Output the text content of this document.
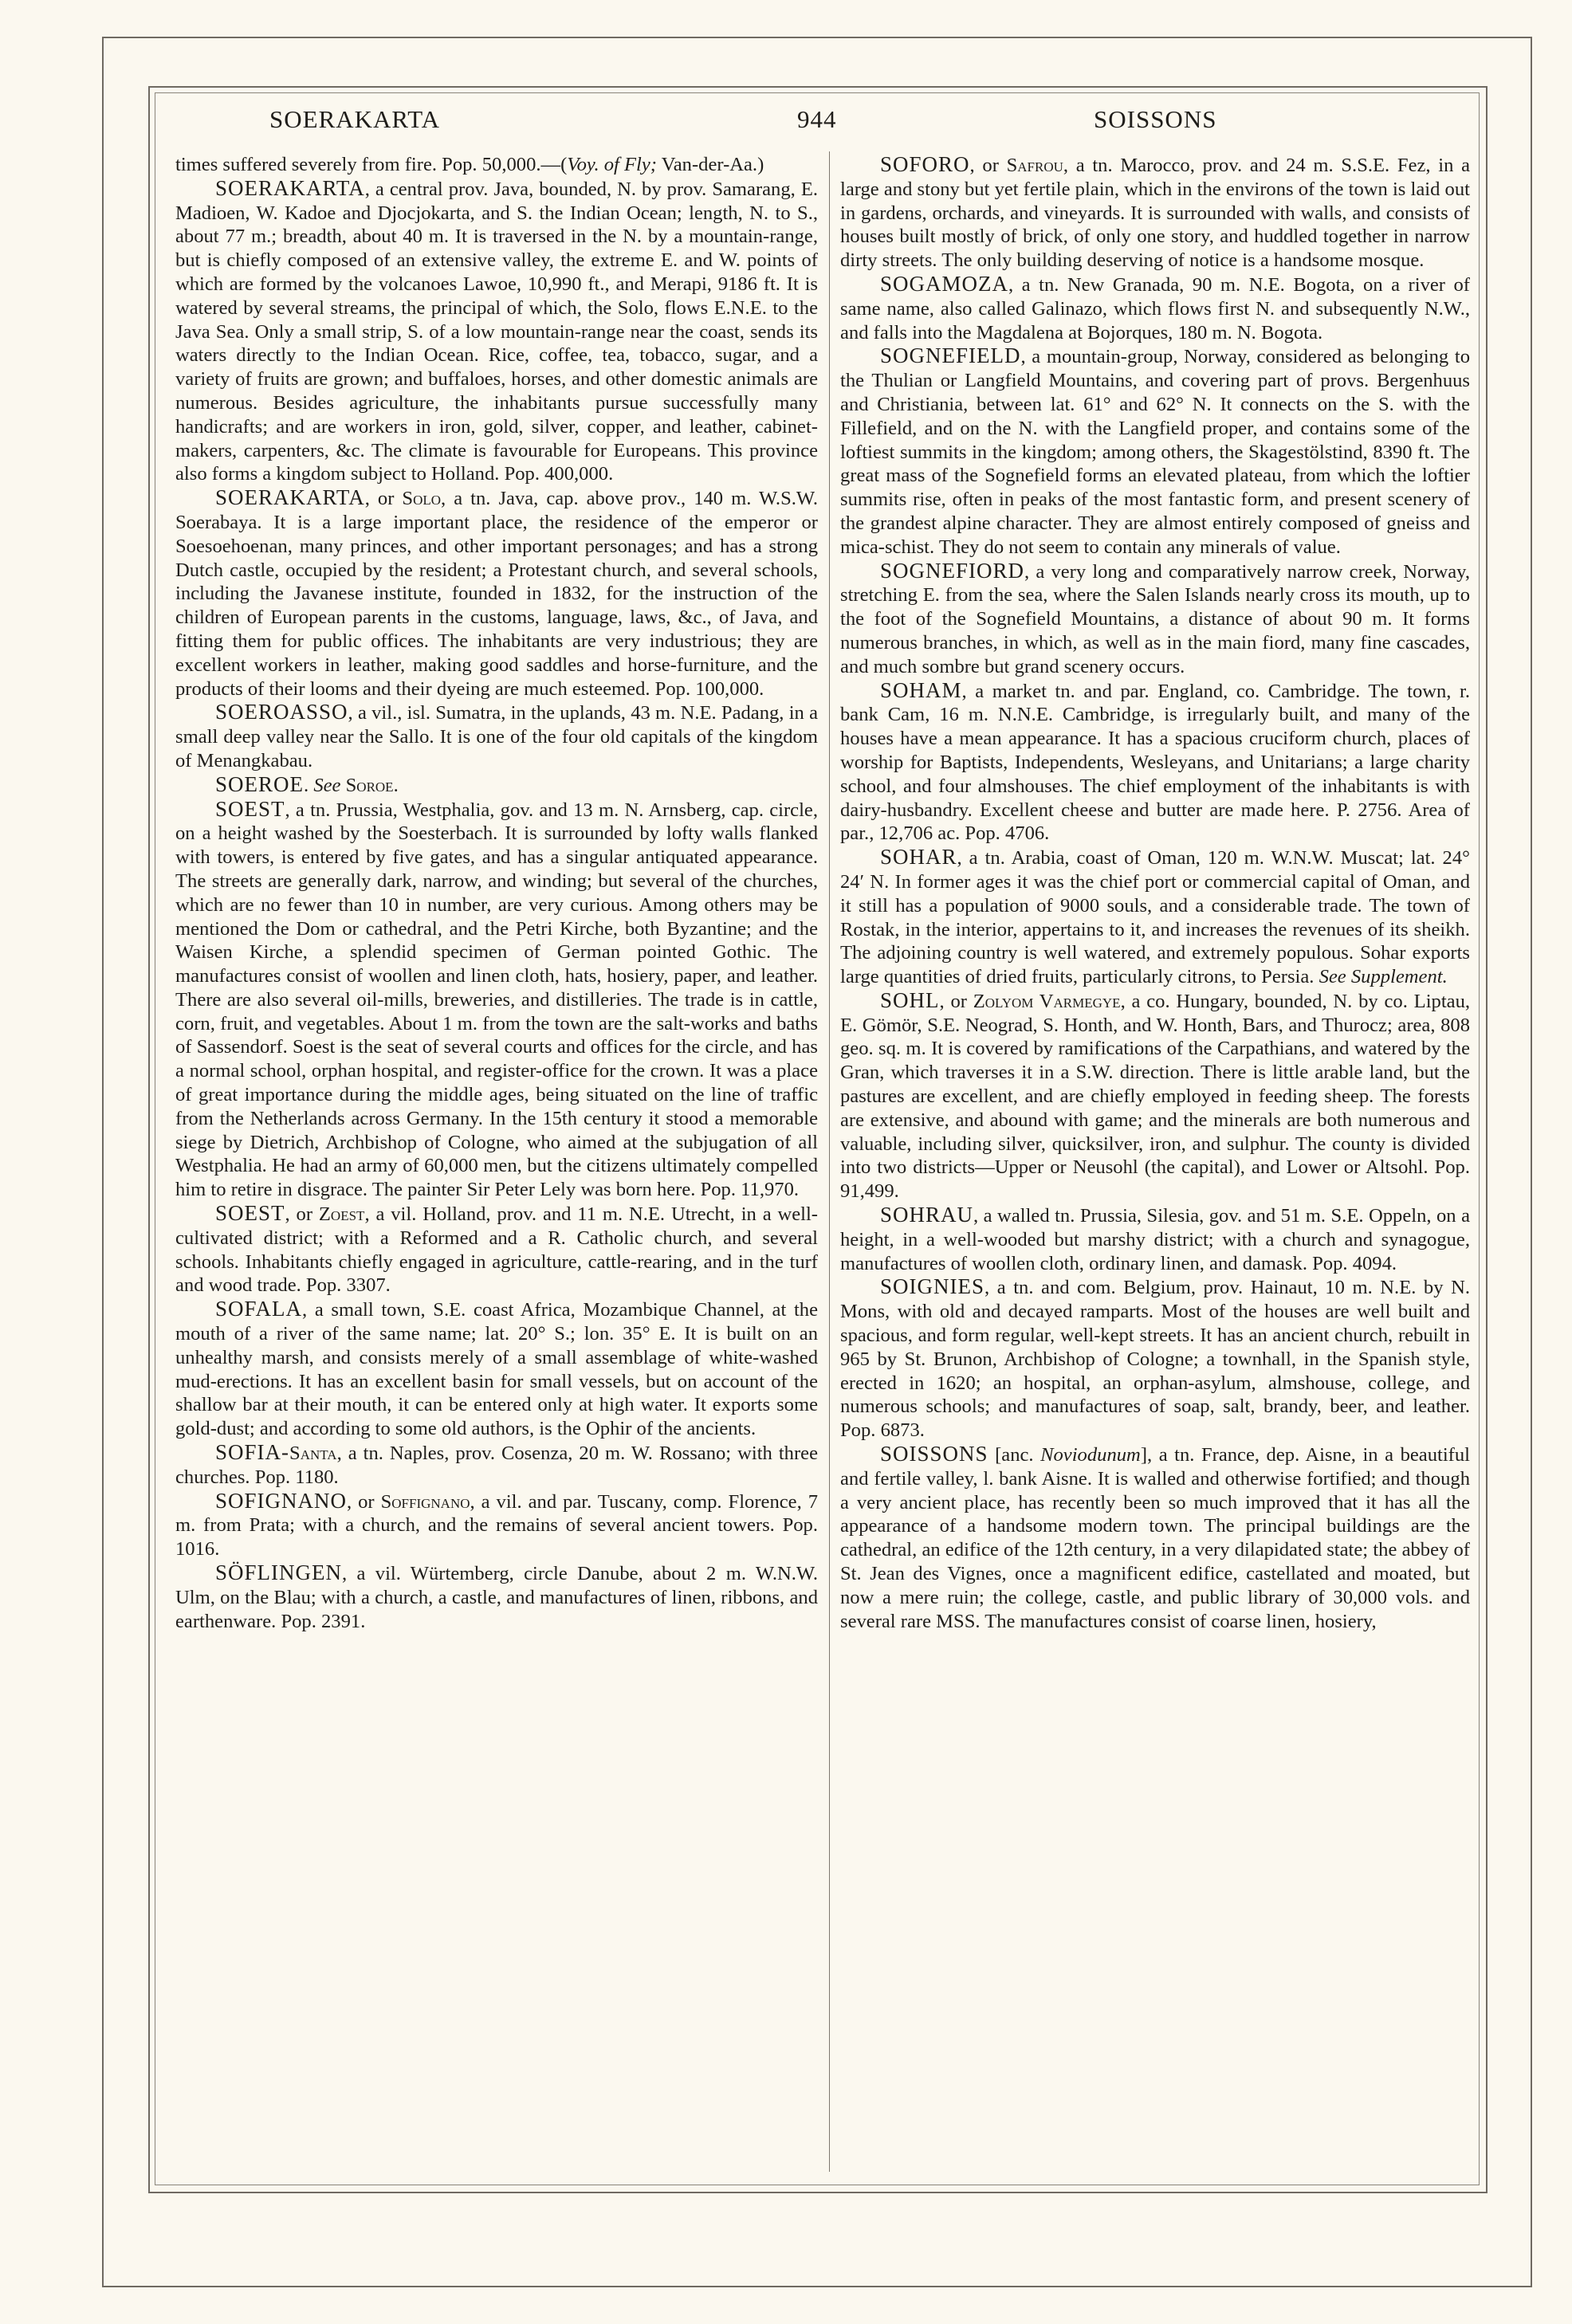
SOERAKARTA	944	SOISSONS

times suffered severely from fire. Pop. 50,000.—(Voy. of Fly; Van-der-Aa.)

SOERAKARTA, a central prov. Java, bounded, N. by prov. Samarang, E. Madioen, W. Kadoe and Djocjokarta, and S. the Indian Ocean; length, N. to S., about 77 m.; breadth, about 40 m. It is traversed in the N. by a mountain-range, but is chiefly composed of an extensive valley, the extreme E. and W. points of which are formed by the volcanoes Lawoe, 10,990 ft., and Merapi, 9186 ft. It is watered by several streams, the principal of which, the Solo, flows E.N.E. to the Java Sea. Only a small strip, S. of a low mountain-range near the coast, sends its waters directly to the Indian Ocean. Rice, coffee, tea, tobacco, sugar, and a variety of fruits are grown; and buffaloes, horses, and other domestic animals are numerous. Besides agriculture, the inhabitants pursue successfully many handicrafts; and are workers in iron, gold, silver, copper, and leather, cabinet-makers, carpenters, &c. The climate is favourable for Europeans. This province also forms a kingdom subject to Holland. Pop. 400,000.

SOERAKARTA, or Solo, a tn. Java, cap. above prov., 140 m. W.S.W. Soerabaya. It is a large important place, the residence of the emperor or Soesoehoenan, many princes, and other important personages; and has a strong Dutch castle, occupied by the resident; a Protestant church, and several schools, including the Javanese institute, founded in 1832, for the instruction of the children of European parents in the customs, language, laws, &c., of Java, and fitting them for public offices. The inhabitants are very industrious; they are excellent workers in leather, making good saddles and horse-furniture, and the products of their looms and their dyeing are much esteemed. Pop. 100,000.

SOEROASSO, a vil., isl. Sumatra, in the uplands, 43 m. N.E. Padang, in a small deep valley near the Sallo. It is one of the four old capitals of the kingdom of Menangkabau.

SOEROE. See Soroe.

SOEST, a tn. Prussia, Westphalia, gov. and 13 m. N. Arnsberg, cap. circle, on a height washed by the Soesterbach. It is surrounded by lofty walls flanked with towers, is entered by five gates, and has a singular antiquated appearance. The streets are generally dark, narrow, and winding; but several of the churches, which are no fewer than 10 in number, are very curious. Among others may be mentioned the Dom or cathedral, and the Petri Kirche, both Byzantine; and the Waisen Kirche, a splendid specimen of German pointed Gothic. The manufactures consist of woollen and linen cloth, hats, hosiery, paper, and leather. There are also several oil-mills, breweries, and distilleries. The trade is in cattle, corn, fruit, and vegetables. About 1 m. from the town are the salt-works and baths of Sassendorf. Soest is the seat of several courts and offices for the circle, and has a normal school, orphan hospital, and register-office for the crown. It was a place of great importance during the middle ages, being situated on the line of traffic from the Netherlands across Germany. In the 15th century it stood a memorable siege by Dietrich, Archbishop of Cologne, who aimed at the subjugation of all Westphalia. He had an army of 60,000 men, but the citizens ultimately compelled him to retire in disgrace. The painter Sir Peter Lely was born here. Pop. 11,970.

SOEST, or Zoest, a vil. Holland, prov. and 11 m. N.E. Utrecht, in a well-cultivated district; with a Reformed and a R. Catholic church, and several schools. Inhabitants chiefly engaged in agriculture, cattle-rearing, and in the turf and wood trade. Pop. 3307.

SOFALA, a small town, S.E. coast Africa, Mozambique Channel, at the mouth of a river of the same name; lat. 20° S.; lon. 35° E. It is built on an unhealthy marsh, and consists merely of a small assemblage of white-washed mud-erections. It has an excellent basin for small vessels, but on account of the shallow bar at their mouth, it can be entered only at high water. It exports some gold-dust; and according to some old authors, is the Ophir of the ancients.

SOFIA-Santa, a tn. Naples, prov. Cosenza, 20 m. W. Rossano; with three churches. Pop. 1180.

SOFIGNANO, or Soffignano, a vil. and par. Tuscany, comp. Florence, 7 m. from Prata; with a church, and the remains of several ancient towers. Pop. 1016.

SÖFLINGEN, a vil. Würtemberg, circle Danube, about 2 m. W.N.W. Ulm, on the Blau; with a church, a castle, and manufactures of linen, ribbons, and earthenware. Pop. 2391.

SOFORO, or Safrou, a tn. Marocco, prov. and 24 m. S.S.E. Fez, in a large and stony but yet fertile plain, which in the environs of the town is laid out in gardens, orchards, and vineyards. It is surrounded with walls, and consists of houses built mostly of brick, of only one story, and huddled together in narrow dirty streets. The only building deserving of notice is a handsome mosque.

SOGAMOZA, a tn. New Granada, 90 m. N.E. Bogota, on a river of same name, also called Galinazo, which flows first N. and subsequently N.W., and falls into the Magdalena at Bojorques, 180 m. N. Bogota.

SOGNEFIELD, a mountain-group, Norway, considered as belonging to the Thulian or Langfield Mountains, and covering part of provs. Bergenhuus and Christiania, between lat. 61° and 62° N. It connects on the S. with the Fillefield, and on the N. with the Langfield proper, and contains some of the loftiest summits in the kingdom; among others, the Skagestölstind, 8390 ft. The great mass of the Sognefield forms an elevated plateau, from which the loftier summits rise, often in peaks of the most fantastic form, and present scenery of the grandest alpine character. They are almost entirely composed of gneiss and mica-schist. They do not seem to contain any minerals of value.

SOGNEFIORD, a very long and comparatively narrow creek, Norway, stretching E. from the sea, where the Salen Islands nearly cross its mouth, up to the foot of the Sognefield Mountains, a distance of about 90 m. It forms numerous branches, in which, as well as in the main fiord, many fine cascades, and much sombre but grand scenery occurs.

SOHAM, a market tn. and par. England, co. Cambridge. The town, r. bank Cam, 16 m. N.N.E. Cambridge, is irregularly built, and many of the houses have a mean appearance. It has a spacious cruciform church, places of worship for Baptists, Independents, Wesleyans, and Unitarians; a large charity school, and four almshouses. The chief employment of the inhabitants is with dairy-husbandry. Excellent cheese and butter are made here. P. 2756. Area of par., 12,706 ac. Pop. 4706.

SOHAR, a tn. Arabia, coast of Oman, 120 m. W.N.W. Muscat; lat. 24° 24′ N. In former ages it was the chief port or commercial capital of Oman, and it still has a population of 9000 souls, and a considerable trade. The town of Rostak, in the interior, appertains to it, and increases the revenues of its sheikh. The adjoining country is well watered, and extremely populous. Sohar exports large quantities of dried fruits, particularly citrons, to Persia. See Supplement.

SOHL, or Zolyom Varmegye, a co. Hungary, bounded, N. by co. Liptau, E. Gömör, S.E. Neograd, S. Honth, and W. Honth, Bars, and Thurocz; area, 808 geo. sq. m. It is covered by ramifications of the Carpathians, and watered by the Gran, which traverses it in a S.W. direction. There is little arable land, but the pastures are excellent, and are chiefly employed in feeding sheep. The forests are extensive, and abound with game; and the minerals are both numerous and valuable, including silver, quicksilver, iron, and sulphur. The county is divided into two districts—Upper or Neusohl (the capital), and Lower or Altsohl. Pop. 91,499.

SOHRAU, a walled tn. Prussia, Silesia, gov. and 51 m. S.E. Oppeln, on a height, in a well-wooded but marshy district; with a church and synagogue, manufactures of woollen cloth, ordinary linen, and damask. Pop. 4094.

SOIGNIES, a tn. and com. Belgium, prov. Hainaut, 10 m. N.E. by N. Mons, with old and decayed ramparts. Most of the houses are well built and spacious, and form regular, well-kept streets. It has an ancient church, rebuilt in 965 by St. Brunon, Archbishop of Cologne; a townhall, in the Spanish style, erected in 1620; an hospital, an orphan-asylum, almshouse, college, and numerous schools; and manufactures of soap, salt, brandy, beer, and leather. Pop. 6873.

SOISSONS [anc. Noviodunum], a tn. France, dep. Aisne, in a beautiful and fertile valley, l. bank Aisne. It is walled and otherwise fortified; and though a very ancient place, has recently been so much improved that it has all the appearance of a handsome modern town. The principal buildings are the cathedral, an edifice of the 12th century, in a very dilapidated state; the abbey of St. Jean des Vignes, once a magnificent edifice, castellated and moated, but now a mere ruin; the college, castle, and public library of 30,000 vols. and several rare MSS. The manufactures consist of coarse linen, hosiery,
